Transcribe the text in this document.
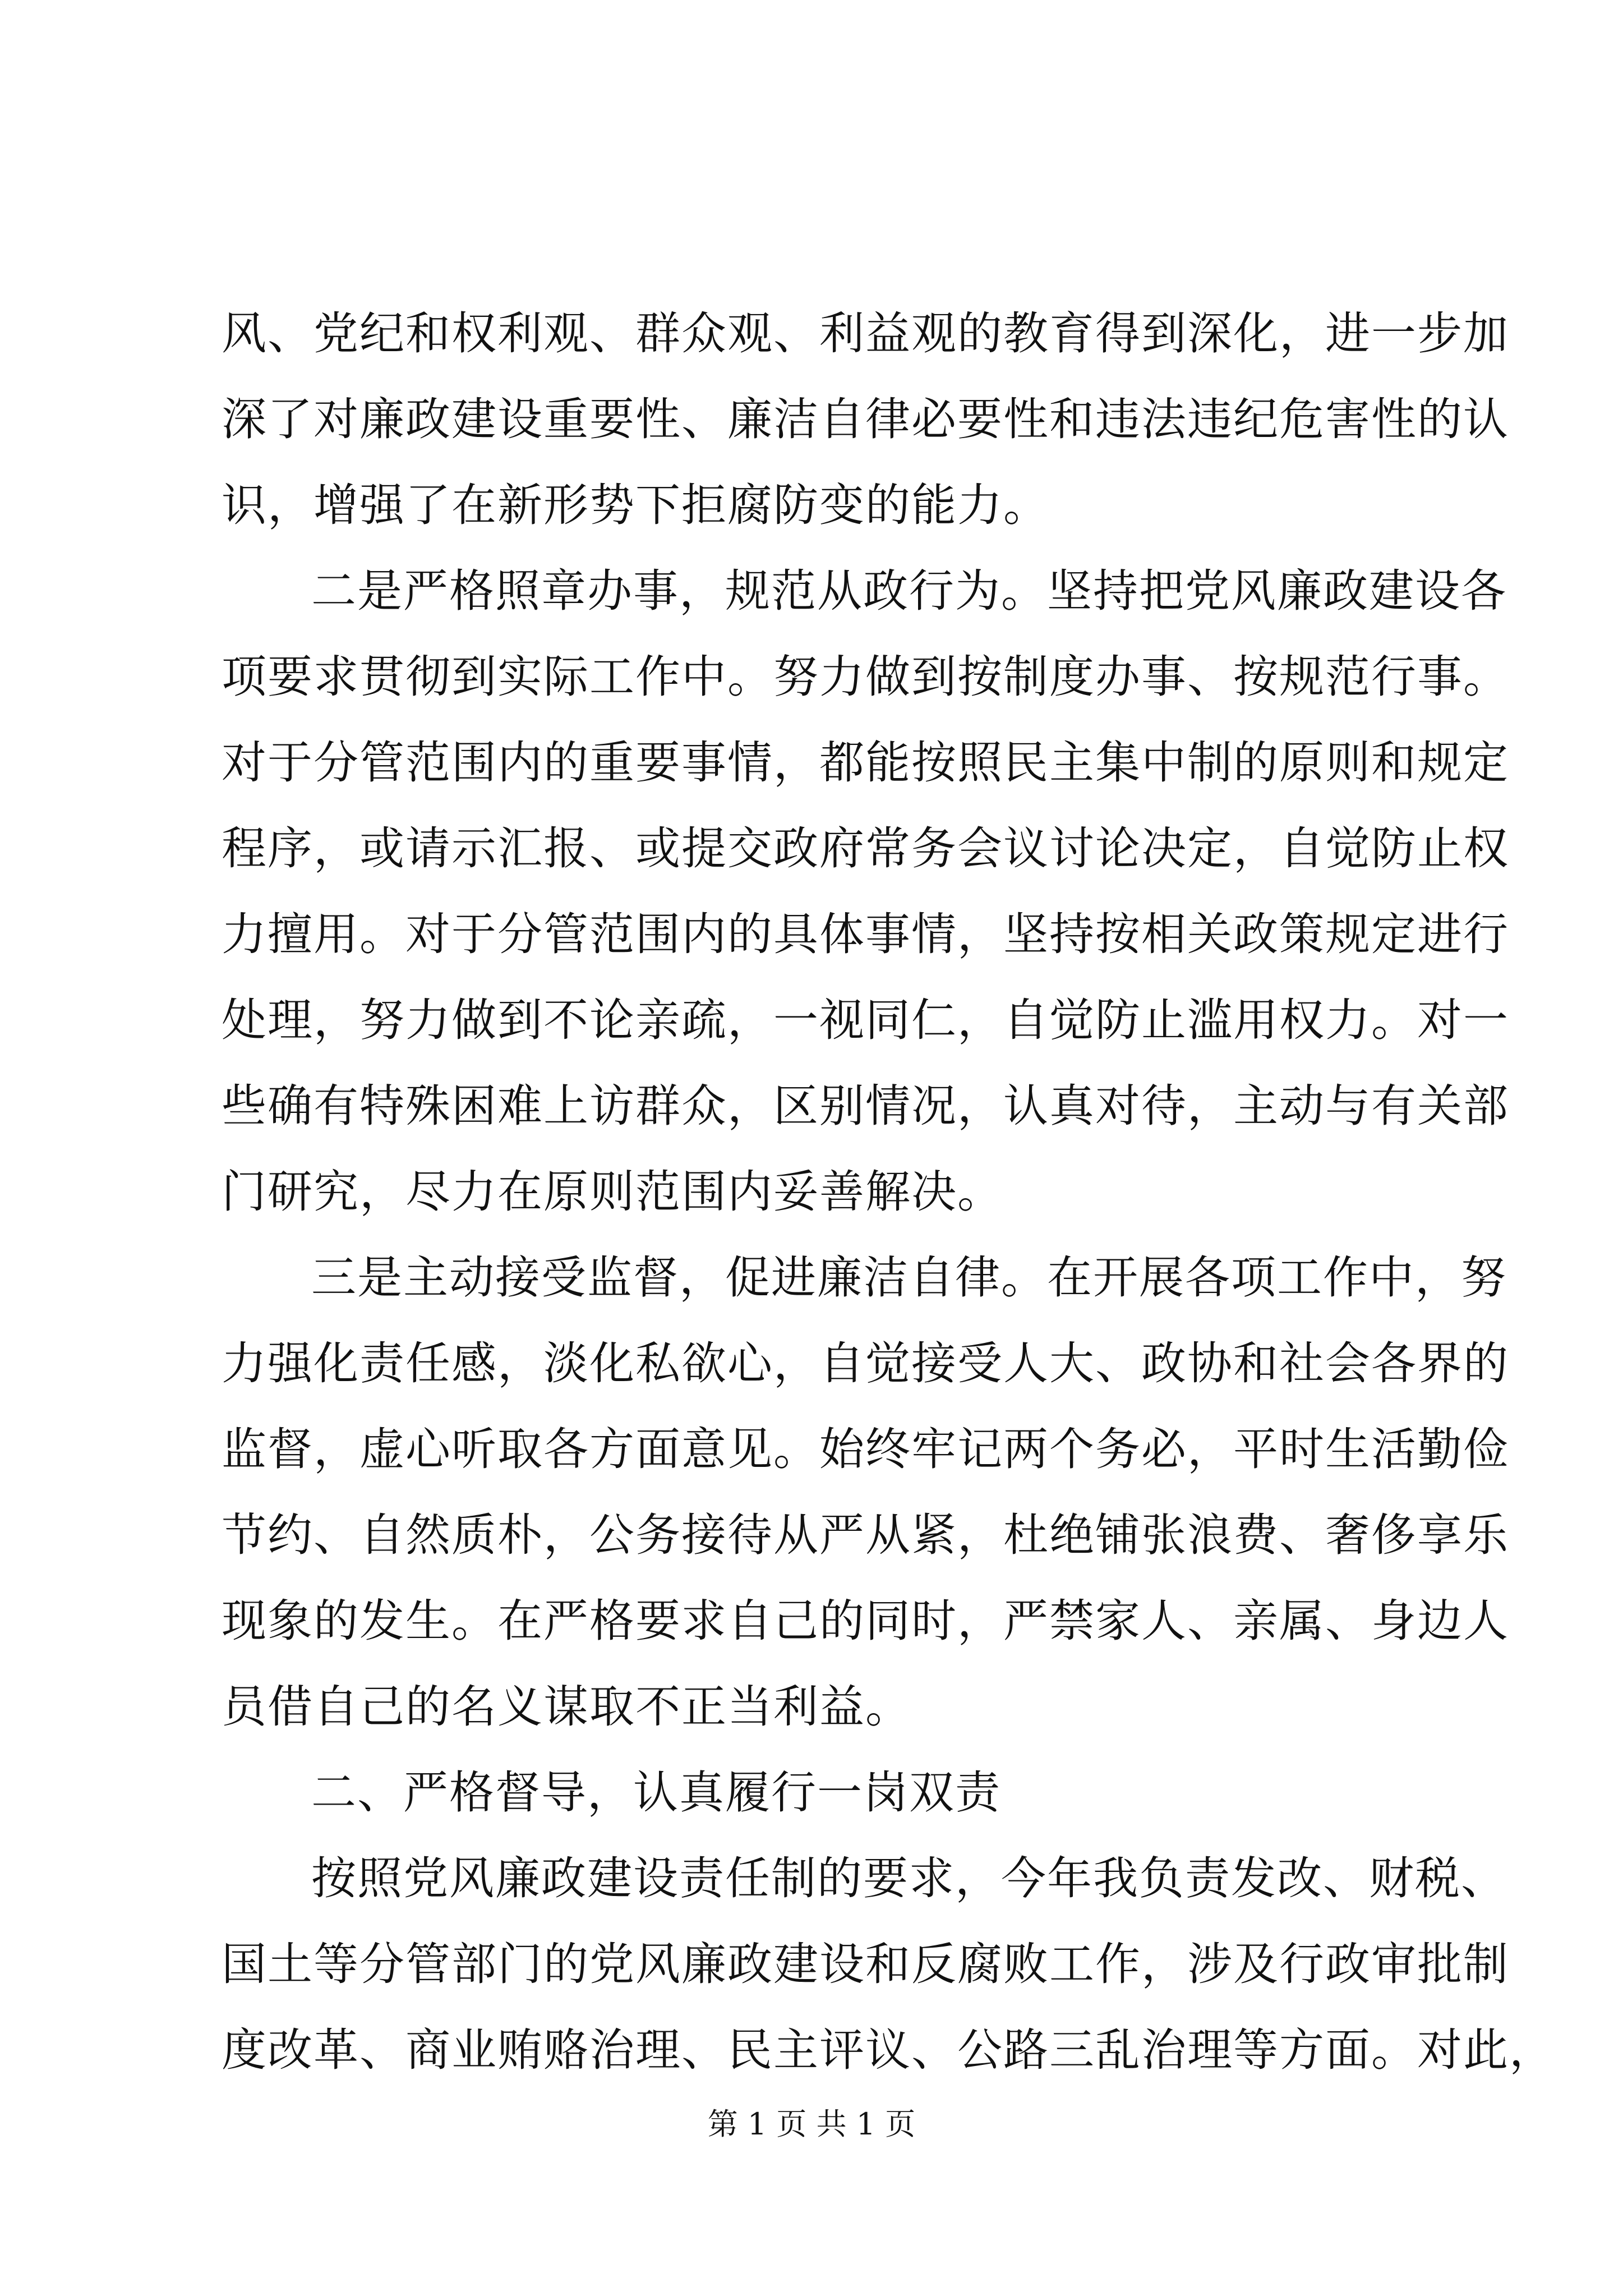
风、党纪和权利观、群众观、利益观的教育得到深化，进一步加
深了对廉政建设重要性、廉洁自律必要性和违法违纪危害性的认
识，增强了在新形势下拒腐防变的能力。
二是严格照章办事，规范从政行为。坚持把党风廉政建设各
项要求贯彻到实际工作中。努力做到按制度办事、按规范行事。
对于分管范围内的重要事情，都能按照民主集中制的原则和规定
程序，或请示汇报、或提交政府常务会议讨论决定，自觉防止权
力擅用。对于分管范围内的具体事情，坚持按相关政策规定进行
处理，努力做到不论亲疏，一视同仁，自觉防止滥用权力。对一
些确有特殊困难上访群众，区别情况，认真对待，主动与有关部
门研究，尽力在原则范围内妥善解决。
三是主动接受监督，促进廉洁自律。在开展各项工作中，努
力强化责任感，淡化私欲心，自觉接受人大、政协和社会各界的
监督，虚心听取各方面意见。始终牢记两个务必，平时生活勤俭
节约、自然质朴，公务接待从严从紧，杜绝铺张浪费、奢侈享乐
现象的发生。在严格要求自己的同时，严禁家人、亲属、身边人
员借自己的名义谋取不正当利益。
二、严格督导，认真履行一岗双责
按照党风廉政建设责任制的要求，今年我负责发改、财税、
国土等分管部门的党风廉政建设和反腐败工作，涉及行政审批制
度改革、商业贿赂治理、民主评议、公路三乱治理等方面。对此，
第 1 页 共 1 页
